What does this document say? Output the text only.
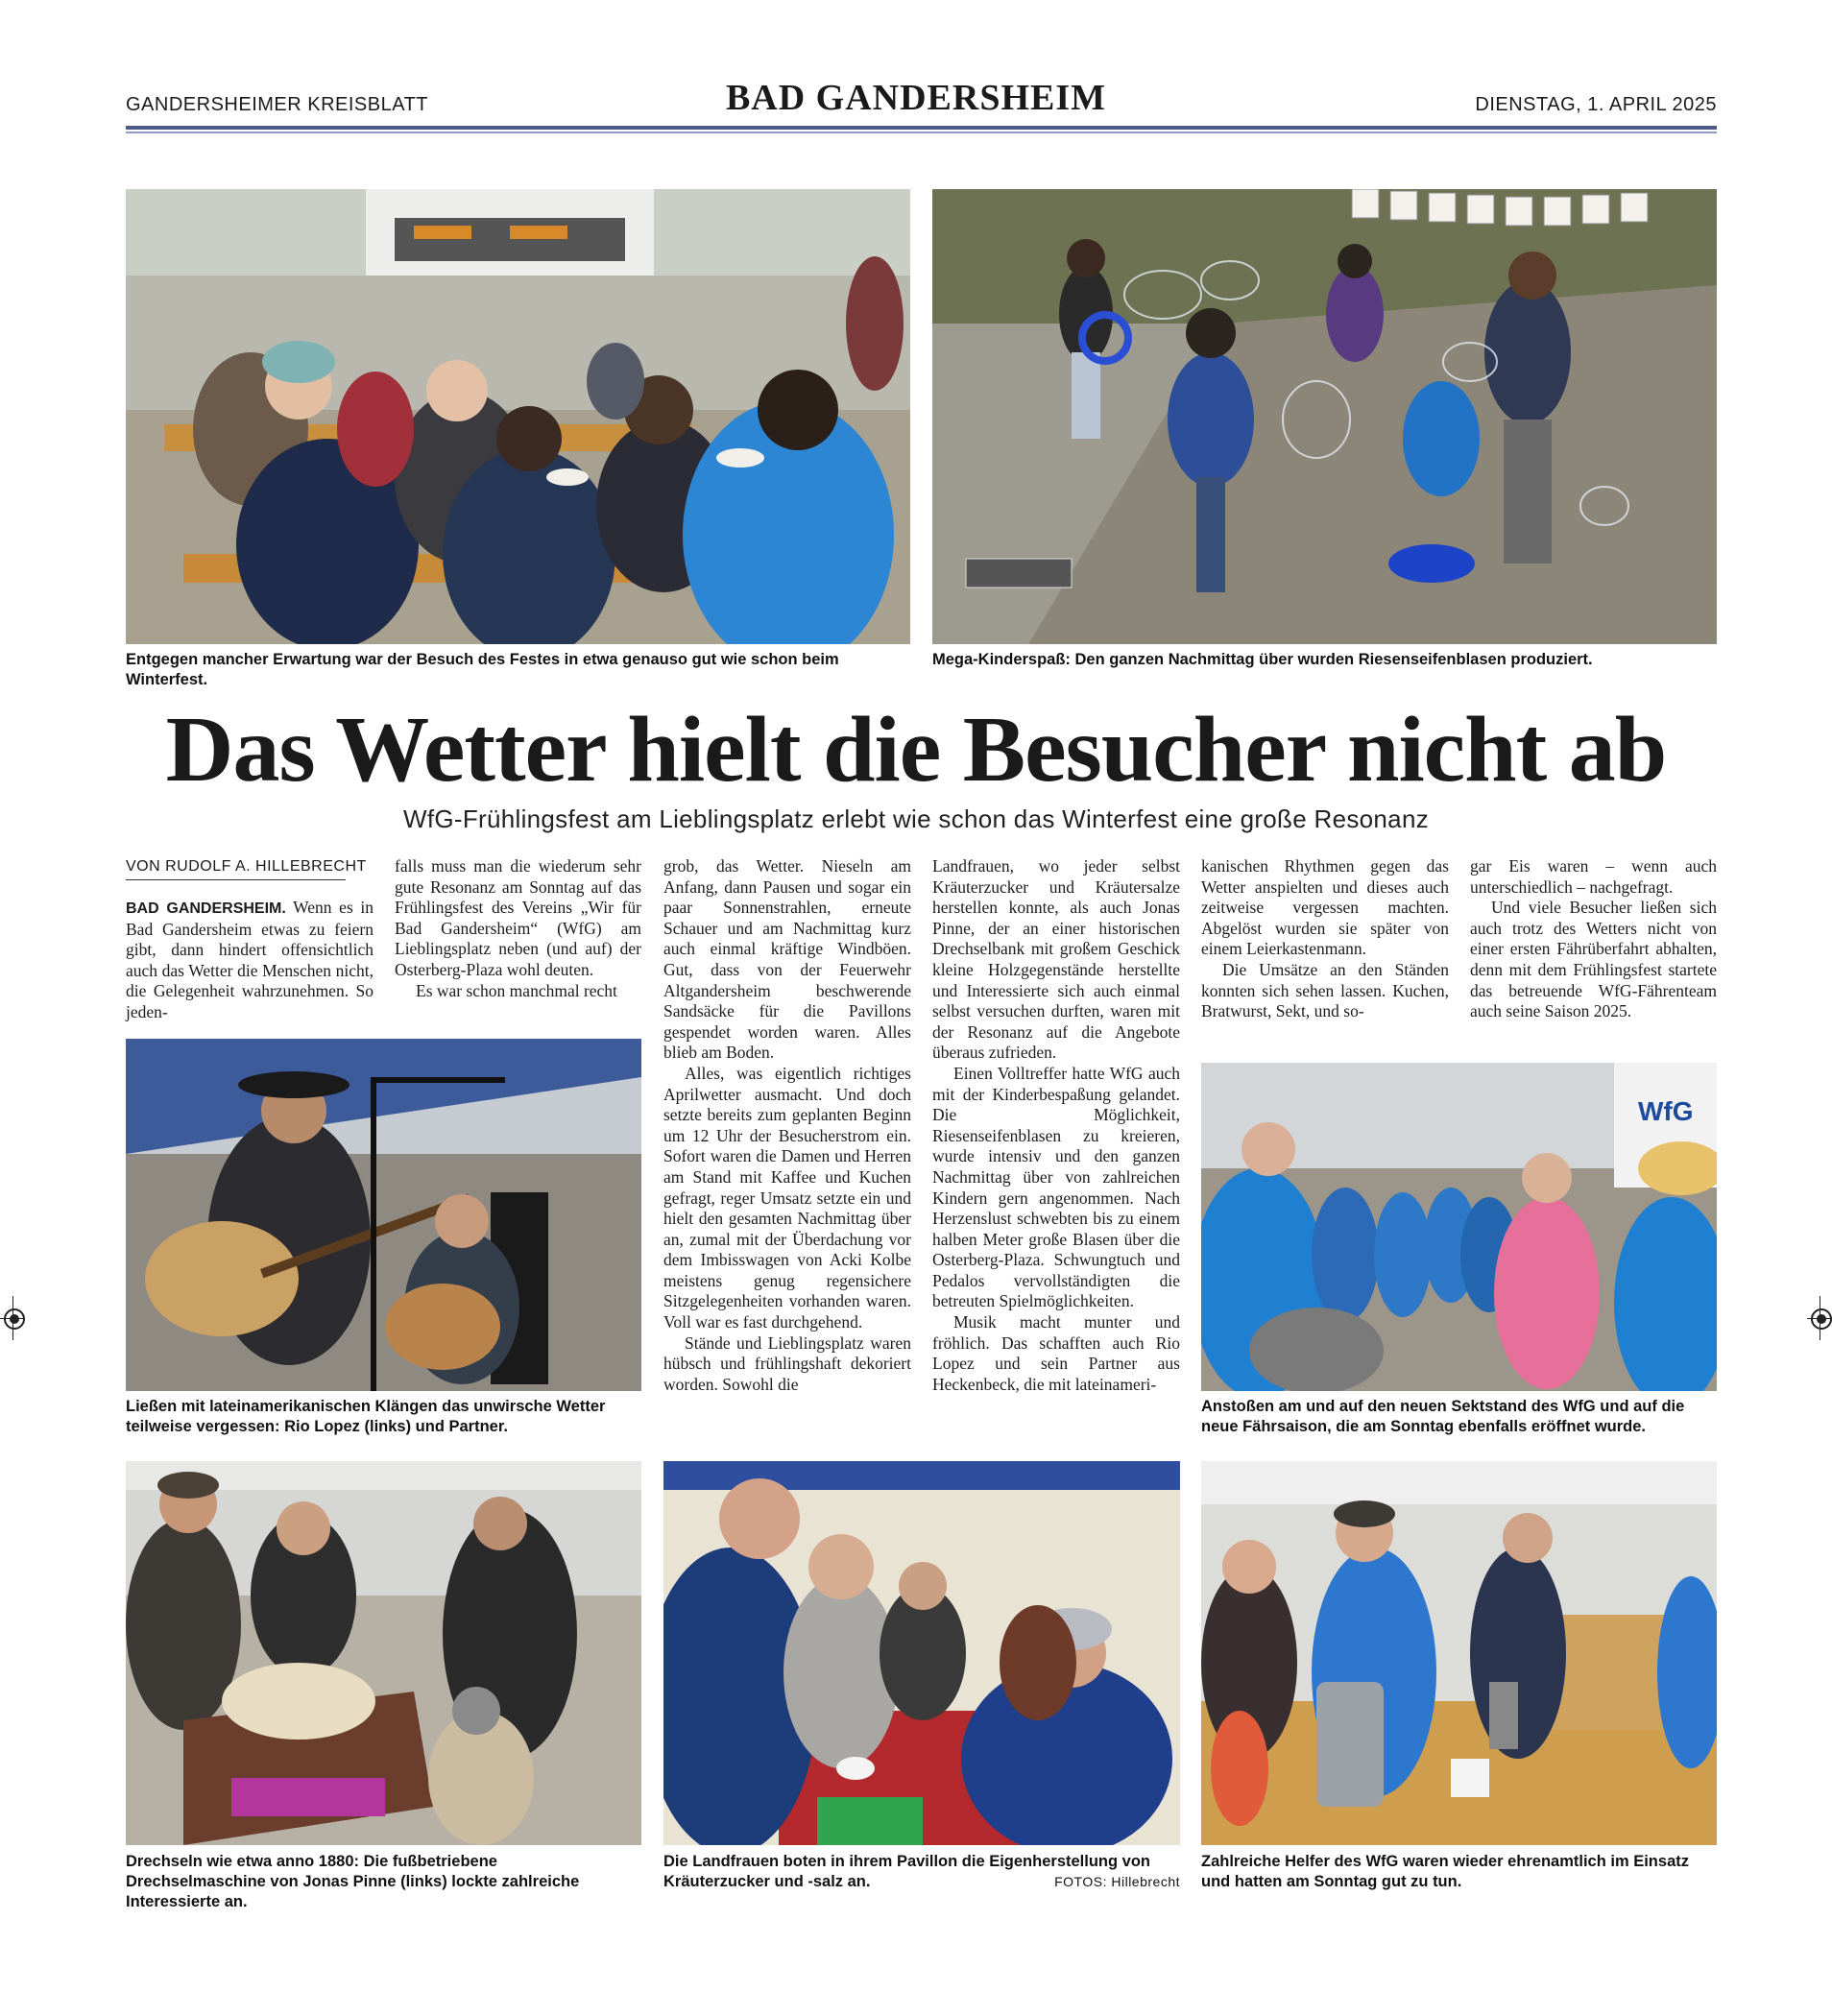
GANDERSHEIMER KREISBLATT	BAD GANDERSHEIM	DIENSTAG, 1. APRIL 2025
Entgegen mancher Erwartung war der Besuch des Festes in etwa genauso gut wie schon beim Winterfest.
Mega-Kinderspaß: Den ganzen Nachmittag über wurden Riesenseifenblasen produziert.
Das Wetter hielt die Besucher nicht ab
WfG-Frühlingsfest am Lieblingsplatz erlebt wie schon das Winterfest eine große Resonanz
VON RUDOLF A. HILLEBRECHT

BAD GANDERSHEIM. Wenn es in Bad Gandersheim etwas zu feiern gibt, dann hindert offensichtlich auch das Wetter die Menschen nicht, die Gelegenheit wahrzunehmen. So jeden-

falls muss man die wiederum sehr gute Resonanz am Sonntag auf das Frühlingsfest des Vereins „Wir für Bad Gandersheim“ (WfG) am Lieblingsplatz neben (und auf) der Osterberg-Plaza wohl deuten.

Es war schon manchmal recht

Ließen mit lateinamerikanischen Klängen das unwirsche Wetter teilweise vergessen: Rio Lopez (links) und Partner.

grob, das Wetter. Nieseln am Anfang, dann Pausen und sogar ein paar Sonnenstrahlen, erneute Schauer und am Nachmittag kurz auch einmal kräftige Windböen. Gut, dass von der Feuerwehr Altgandersheim beschwerende Sandsäcke für die Pavillons gespendet worden waren. Alles blieb am Boden.

Alles, was eigentlich richtiges Aprilwetter ausmacht. Und doch setzte bereits zum geplanten Beginn um 12 Uhr der Besucherstrom ein. Sofort waren die Damen und Herren am Stand mit Kaffee und Kuchen gefragt, reger Umsatz setzte ein und hielt den gesamten Nachmittag über an, zumal mit der Überdachung vor dem Imbisswagen von Acki Kolbe meistens genug regensichere Sitzgelegenheiten vorhanden waren. Voll war es fast durchgehend.

Stände und Lieblingsplatz waren hübsch und frühlingshaft dekoriert worden. Sowohl die

Landfrauen, wo jeder selbst Kräuterzucker und Kräutersalze herstellen konnte, als auch Jonas Pinne, der an einer historischen Drechselbank mit großem Geschick kleine Holzgegenstände herstellte und Interessierte sich auch einmal selbst versuchen durften, waren mit der Resonanz auf die Angebote überaus zufrieden.

Einen Volltreffer hatte WfG auch mit der Kinderbespaßung gelandet. Die Möglichkeit, Riesenseifenblasen zu kreieren, wurde intensiv und den ganzen Nachmittag über von zahlreichen Kindern gern angenommen. Nach Herzenslust schwebten bis zu einem halben Meter große Blasen über die Osterberg-Plaza. Schwungtuch und Pedalos vervollständigten die betreuten Spielmöglichkeiten.

Musik macht munter und fröhlich. Das schafften auch Rio Lopez und sein Partner aus Heckenbeck, die mit lateinameri-

kanischen Rhythmen gegen das Wetter anspielten und dieses auch zeitweise vergessen machten. Abgelöst wurden sie später von einem Leierkastenmann.

Die Umsätze an den Ständen konnten sich sehen lassen. Kuchen, Bratwurst, Sekt, und so-

gar Eis waren – wenn auch unterschiedlich – nachgefragt.

Und viele Besucher ließen sich auch trotz des Wetters nicht von einer ersten Fährüberfahrt abhalten, denn mit dem Frühlingsfest startete das betreuende WfG-Fährenteam auch seine Saison 2025.

WfG
Anstoßen am und auf den neuen Sektstand des WfG und auf die neue Fährsaison, die am Sonntag ebenfalls eröffnet wurde.
Drechseln wie etwa anno 1880: Die fußbetriebene Drechselmaschine von Jonas Pinne (links) lockte zahlreiche Interessierte an.
Die Landfrauen boten in ihrem Pavillon die Eigenherstellung von Kräuterzucker und -salz an.	FOTOS: Hillebrecht
Zahlreiche Helfer des WfG waren wieder ehrenamtlich im Einsatz und hatten am Sonntag gut zu tun.
